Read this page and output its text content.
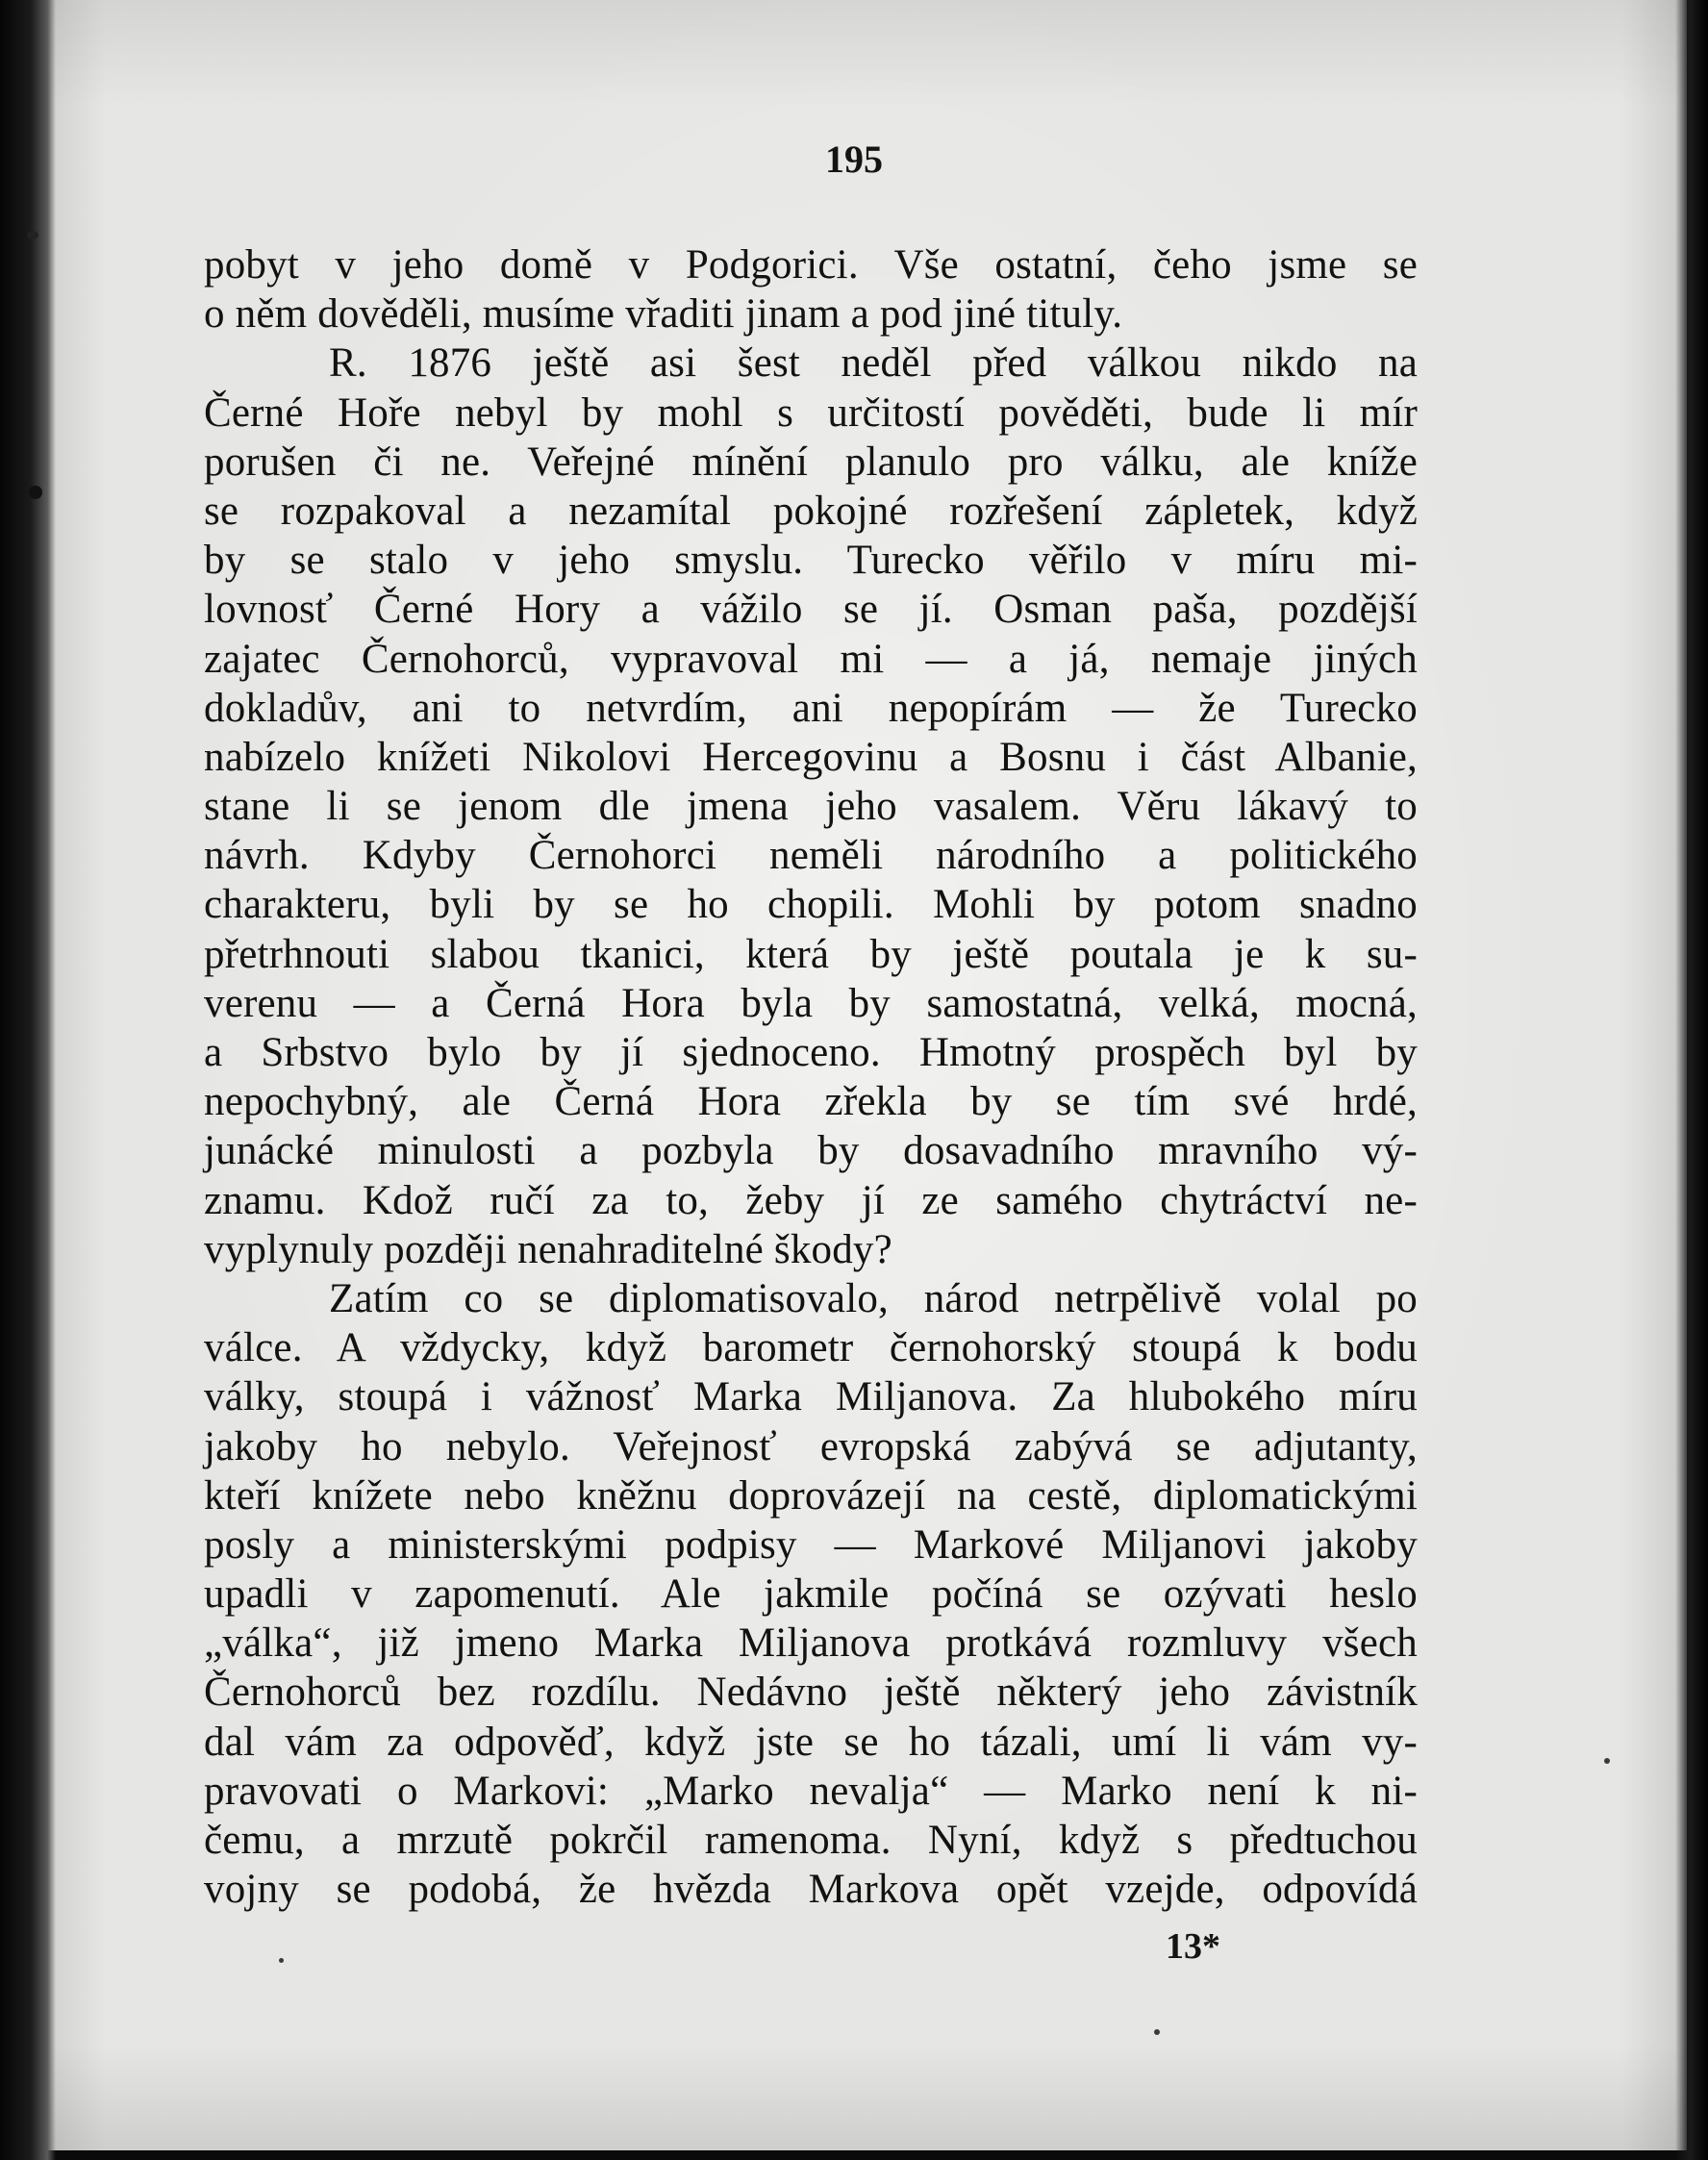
195
pobyt v jeho domě v Podgorici. Vše ostatní, čeho jsme se
o něm dověděli, musíme vřaditi jinam a pod jiné tituly.
R. 1876 ještě asi šest neděl před válkou nikdo na
Černé Hoře nebyl by mohl s určitostí pověděti, bude li mír
porušen či ne. Veřejné mínění planulo pro válku, ale kníže
se rozpakoval a nezamítal pokojné rozřešení zápletek, když
by se stalo v jeho smyslu. Turecko věřilo v míru mi-
lovnosť Černé Hory a vážilo se jí. Osman paša, pozdější
zajatec Černohorců, vypravoval mi — a já, nemaje jiných
dokladův, ani to netvrdím, ani nepopírám — že Turecko
nabízelo knížeti Nikolovi Hercegovinu a Bosnu i část Albanie,
stane li se jenom dle jmena jeho vasalem. Věru lákavý to
návrh. Kdyby Černohorci neměli národního a politického
charakteru, byli by se ho chopili. Mohli by potom snadno
přetrhnouti slabou tkanici, která by ještě poutala je k su-
verenu — a Černá Hora byla by samostatná, velká, mocná,
a Srbstvo bylo by jí sjednoceno. Hmotný prospěch byl by
nepochybný, ale Černá Hora zřekla by se tím své hrdé,
junácké minulosti a pozbyla by dosavadního mravního vý-
znamu. Kdož ručí za to, žeby jí ze samého chytráctví ne-
vyplynuly později nenahraditelné škody?
Zatím co se diplomatisovalo, národ netrpělivě volal po
válce. A vždycky, když barometr černohorský stoupá k bodu
války, stoupá i vážnosť Marka Miljanova. Za hlubokého míru
jakoby ho nebylo. Veřejnosť evropská zabývá se adjutanty,
kteří knížete nebo kněžnu doprovázejí na cestě, diplomatickými
posly a ministerskými podpisy — Markové Miljanovi jakoby
upadli v zapomenutí. Ale jakmile počíná se ozývati heslo
„válka“, již jmeno Marka Miljanova protkává rozmluvy všech
Černohorců bez rozdílu. Nedávno ještě některý jeho závistník
dal vám za odpověď, když jste se ho tázali, umí li vám vy-
pravovati o Markovi: „Marko nevalja“ — Marko není k ni-
čemu, a mrzutě pokrčil ramenoma. Nyní, když s předtuchou
vojny se podobá, že hvězda Markova opět vzejde, odpovídá
13*
